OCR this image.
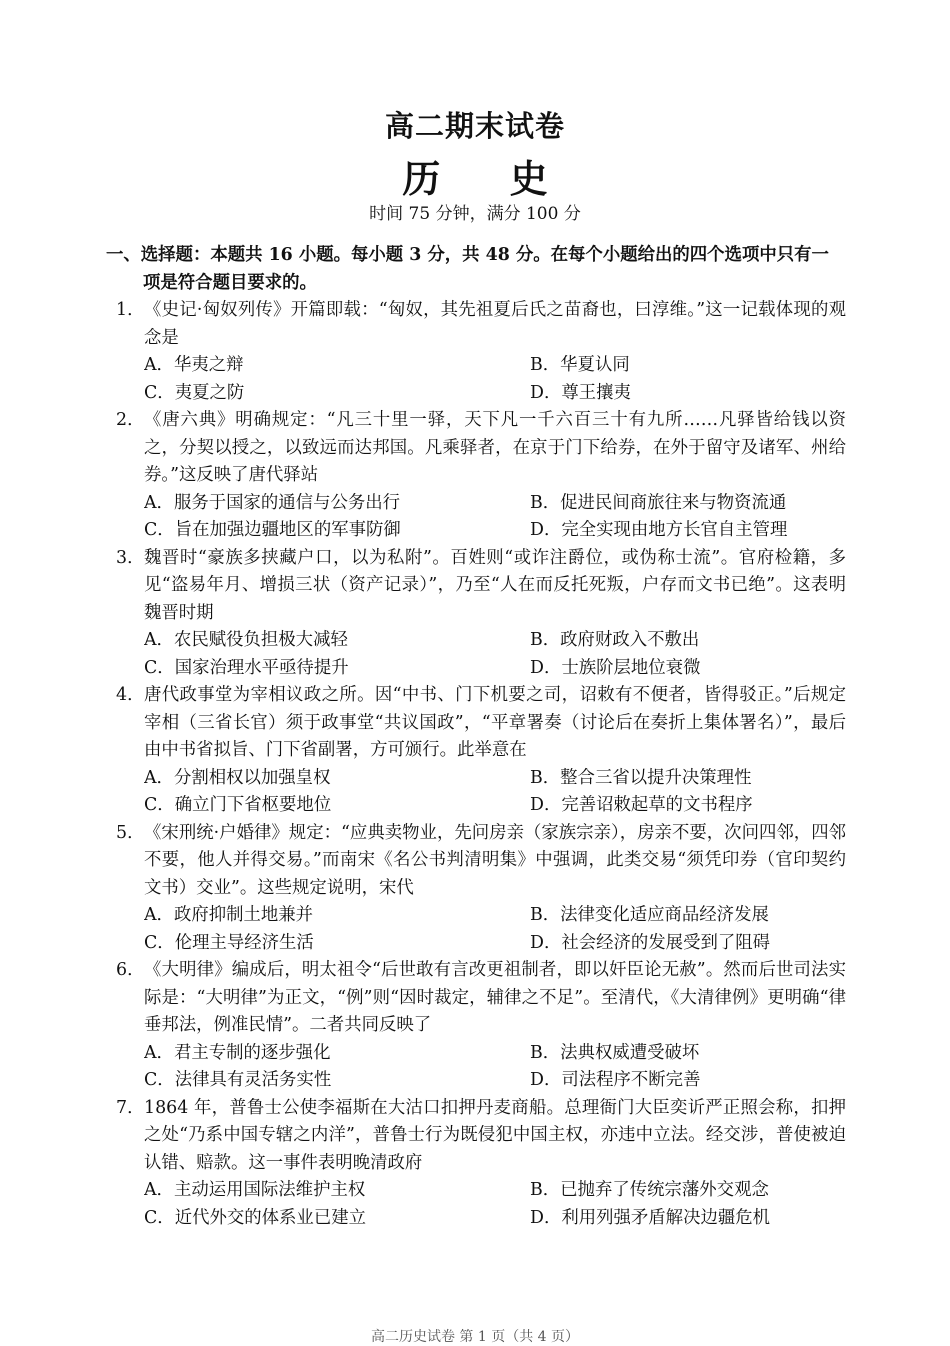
高二期末试卷
历 史
时间 75 分钟，满分 100 分
一、选择题：本题共 16 小题。每小题 3 分，共 48 分。在每个小题给出的四个选项中只有一项是符合题目要求的。
1． 《史记·匈奴列传》开篇即载：“匈奴，其先祖夏后氏之苗裔也，曰淳维。”这一记载体现的观念是
A．华夷之辩	B．华夏认同
C．夷夏之防	D．尊王攘夷
2． 《唐六典》明确规定：“凡三十里一驿，天下凡一千六百三十有九所……凡驿皆给钱以资之，分契以授之，以致远而达邦国。凡乘驿者，在京于门下给券，在外于留守及诸军、州给券。”这反映了唐代驿站
A．服务于国家的通信与公务出行	B．促进民间商旅往来与物资流通
C．旨在加强边疆地区的军事防御	D．完全实现由地方长官自主管理
3． 魏晋时“豪族多挟藏户口，以为私附”。百姓则“或诈注爵位，或伪称士流”。官府检籍，多见“盗易年月、增损三状（资产记录）”，乃至“人在而反托死叛，户存而文书已绝”。这表明魏晋时期
A．农民赋役负担极大减轻	B．政府财政入不敷出
C．国家治理水平亟待提升	D．士族阶层地位衰微
4． 唐代政事堂为宰相议政之所。因“中书、门下机要之司，诏敕有不便者，皆得驳正。”后规定宰相（三省长官）须于政事堂“共议国政”，“平章署奏（讨论后在奏折上集体署名）”，最后由中书省拟旨、门下省副署，方可颁行。此举意在
A．分割相权以加强皇权	B．整合三省以提升决策理性
C．确立门下省枢要地位	D．完善诏敕起草的文书程序
5． 《宋刑统·户婚律》规定：“应典卖物业，先问房亲（家族宗亲），房亲不要，次问四邻，四邻不要，他人并得交易。”而南宋《名公书判清明集》中强调，此类交易“须凭印券（官印契约文书）交业”。这些规定说明，宋代
A．政府抑制土地兼并	B．法律变化适应商品经济发展
C．伦理主导经济生活	D．社会经济的发展受到了阻碍
6． 《大明律》编成后，明太祖令“后世敢有言改更祖制者，即以奸臣论无赦”。然而后世司法实际是：“大明律”为正文，“例”则“因时裁定，辅律之不足”。至清代，《大清律例》更明确“律垂邦法，例准民情”。二者共同反映了
A．君主专制的逐步强化	B．法典权威遭受破坏
C．法律具有灵活务实性	D．司法程序不断完善
7． 1864 年，普鲁士公使李福斯在大沽口扣押丹麦商船。总理衙门大臣奕䜣严正照会称，扣押之处“乃系中国专辖之内洋”，普鲁士行为既侵犯中国主权，亦违中立法。经交涉，普使被迫认错、赔款。这一事件表明晚清政府
A．主动运用国际法维护主权	B．已抛弃了传统宗藩外交观念
C．近代外交的体系业已建立	D．利用列强矛盾解决边疆危机
高二历史试卷 第 1 页（共 4 页）
